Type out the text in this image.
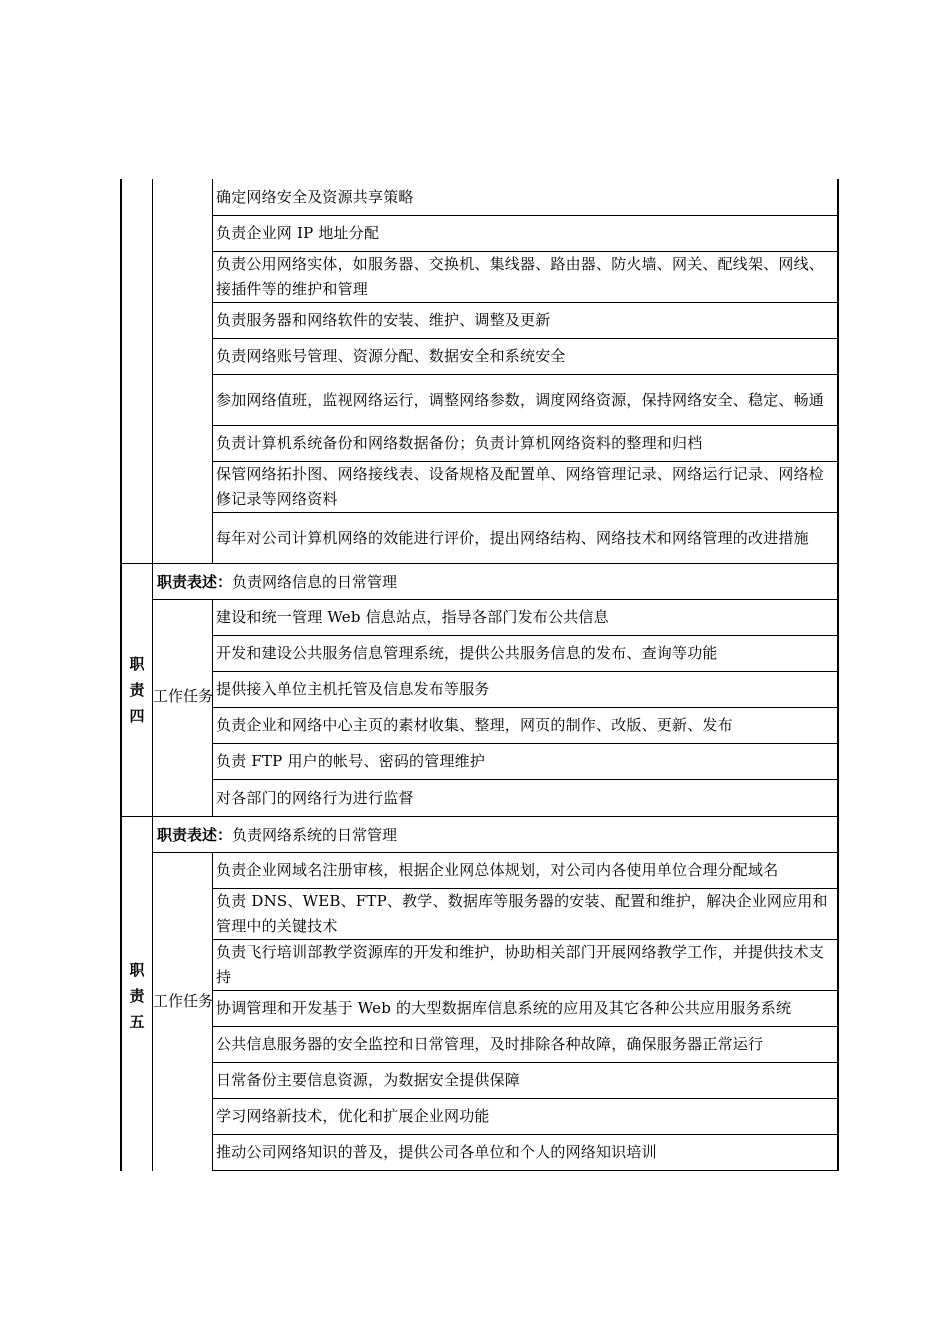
确定网络安全及资源共享策略
负责企业网 IP 地址分配
负责公用网络实体，如服务器、交换机、集线器、路由器、防火墙、网关、配线架、网线、接插件等的维护和管理
负责服务器和网络软件的安装、维护、调整及更新
负责网络账号管理、资源分配、数据安全和系统安全
参加网络值班，监视网络运行，调整网络参数，调度网络资源，保持网络安全、稳定、畅通
负责计算机系统备份和网络数据备份；负责计算机网络资料的整理和归档
保管网络拓扑图、网络接线表、设备规格及配置单、网络管理记录、网络运行记录、网络检修记录等网络资料
每年对公司计算机网络的效能进行评价，提出网络结构、网络技术和网络管理的改进措施
职责四
职责表述：负责网络信息的日常管理
工作任务
建设和统一管理 Web 信息站点，指导各部门发布公共信息
开发和建设公共服务信息管理系统，提供公共服务信息的发布、查询等功能
提供接入单位主机托管及信息发布等服务
负责企业和网络中心主页的素材收集、整理，网页的制作、改版、更新、发布
负责 FTP 用户的帐号、密码的管理维护
对各部门的网络行为进行监督
职责五
职责表述：负责网络系统的日常管理
工作任务
负责企业网域名注册审核，根据企业网总体规划，对公司内各使用单位合理分配域名
负责 DNS、WEB、FTP、教学、数据库等服务器的安装、配置和维护，解决企业网应用和管理中的关键技术
负责飞行培训部教学资源库的开发和维护，协助相关部门开展网络教学工作，并提供技术支持
协调管理和开发基于 Web 的大型数据库信息系统的应用及其它各种公共应用服务系统
公共信息服务器的安全监控和日常管理，及时排除各种故障，确保服务器正常运行
日常备份主要信息资源，为数据安全提供保障
学习网络新技术，优化和扩展企业网功能
推动公司网络知识的普及，提供公司各单位和个人的网络知识培训
